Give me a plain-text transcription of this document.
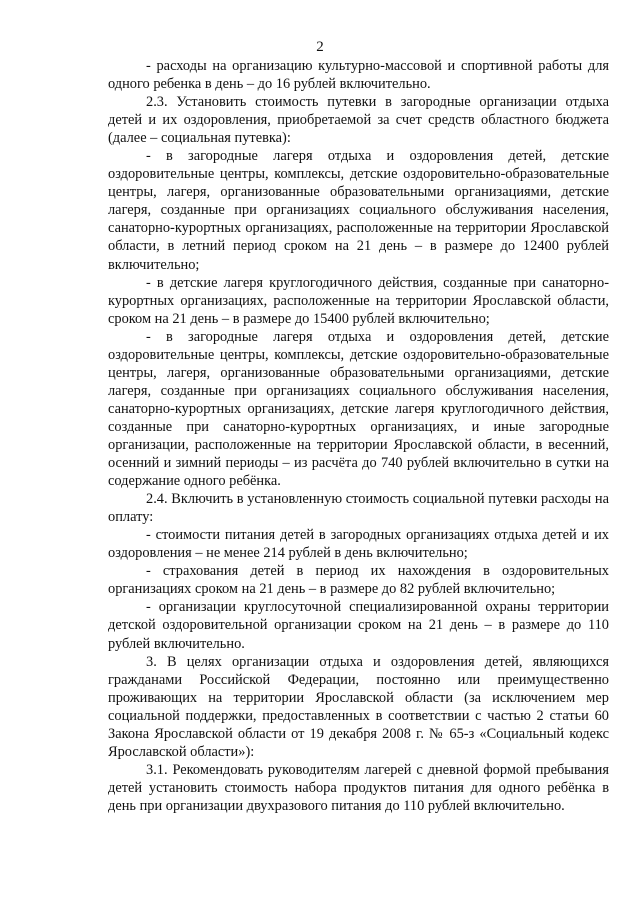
2

- расходы на организацию культурно-массовой и спортивной работы для одного ребенка в день – до 16 рублей включительно.

2.3. Установить стоимость путевки в загородные организации отдыха детей и их оздоровления, приобретаемой за счет средств областного бюджета (далее – социальная путевка):

- в загородные лагеря отдыха и оздоровления детей, детские оздоровительные центры, комплексы, детские оздоровительно-образовательные центры, лагеря, организованные образовательными организациями, детские лагеря, созданные при организациях социального обслуживания населения, санаторно-курортных организациях, расположенные на территории Ярославской области, в летний период сроком на 21 день – в размере до 12400 рублей включительно;

- в детские лагеря круглогодичного действия, созданные при санаторно-курортных организациях, расположенные на территории Ярославской области, сроком на 21 день – в размере до 15400 рублей включительно;

- в загородные лагеря отдыха и оздоровления детей, детские оздоровительные центры, комплексы, детские оздоровительно-образовательные центры, лагеря, организованные образовательными организациями, детские лагеря, созданные при организациях социального обслуживания населения, санаторно-курортных организациях, детские лагеря круглогодичного действия, созданные при санаторно-курортных организациях, и иные загородные организации, расположенные на территории Ярославской области, в весенний, осенний и зимний периоды – из расчёта до 740 рублей включительно в сутки на содержание одного ребёнка.

2.4. Включить в установленную стоимость социальной путевки расходы на оплату:

- стоимости питания детей в загородных организациях отдыха детей и их оздоровления – не менее 214 рублей в день включительно;

- страхования детей в период их нахождения в оздоровительных организациях сроком на 21 день – в размере до 82 рублей включительно;

- организации круглосуточной специализированной охраны территории детской оздоровительной организации сроком на 21 день – в размере до 110 рублей включительно.

3. В целях организации отдыха и оздоровления детей, являющихся гражданами Российской Федерации, постоянно или преимущественно проживающих на территории Ярославской области (за исключением мер социальной поддержки, предоставленных в соответствии с частью 2 статьи 60 Закона Ярославской области от 19 декабря 2008 г. № 65-з «Социальный кодекс Ярославской области»):

3.1. Рекомендовать руководителям лагерей с дневной формой пребывания детей установить стоимость набора продуктов питания для одного ребёнка в день при организации двухразового питания до 110 рублей включительно.
